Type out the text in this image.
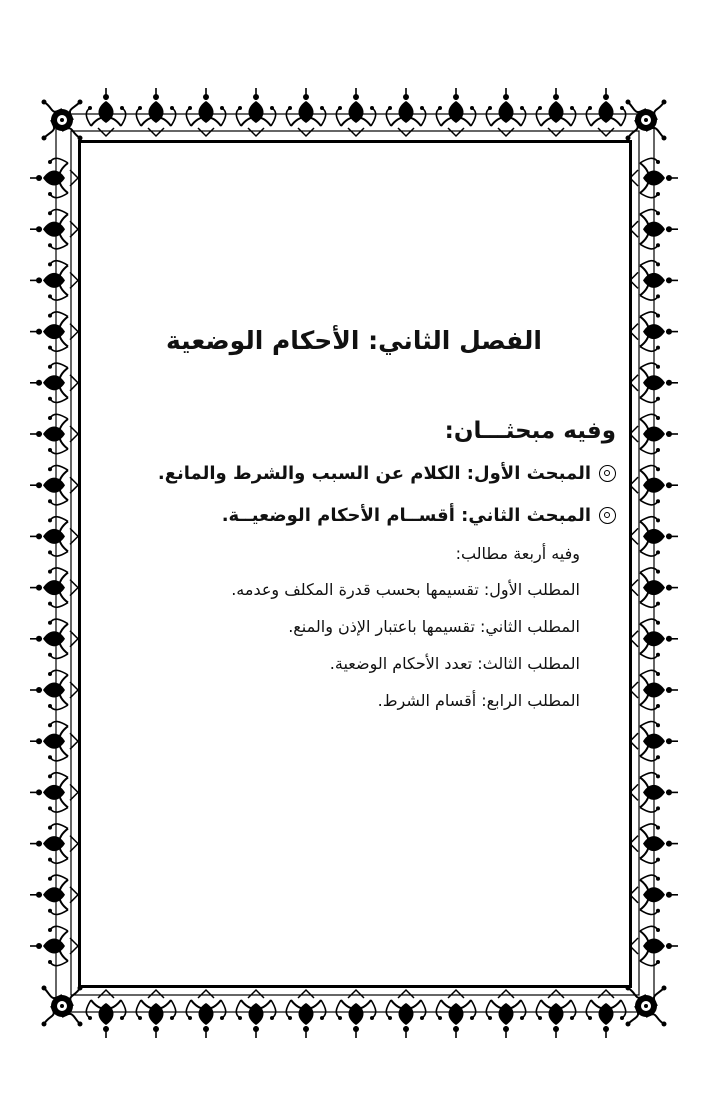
الفصل الثاني: الأحكام الوضعية
وفيه مبحثـــان:
المبحث الأول: الكلام عن السبب والشرط والمانع.
المبحث الثاني: أقســام الأحكام الوضعيــة.
وفيه أربعة مطالب:
المطلب الأول: تقسيمها بحسب قدرة المكلف وعدمه.
المطلب الثاني: تقسيمها باعتبار الإذن والمنع.
المطلب الثالث: تعدد الأحكام الوضعية.
المطلب الرابع: أقسام الشرط.
